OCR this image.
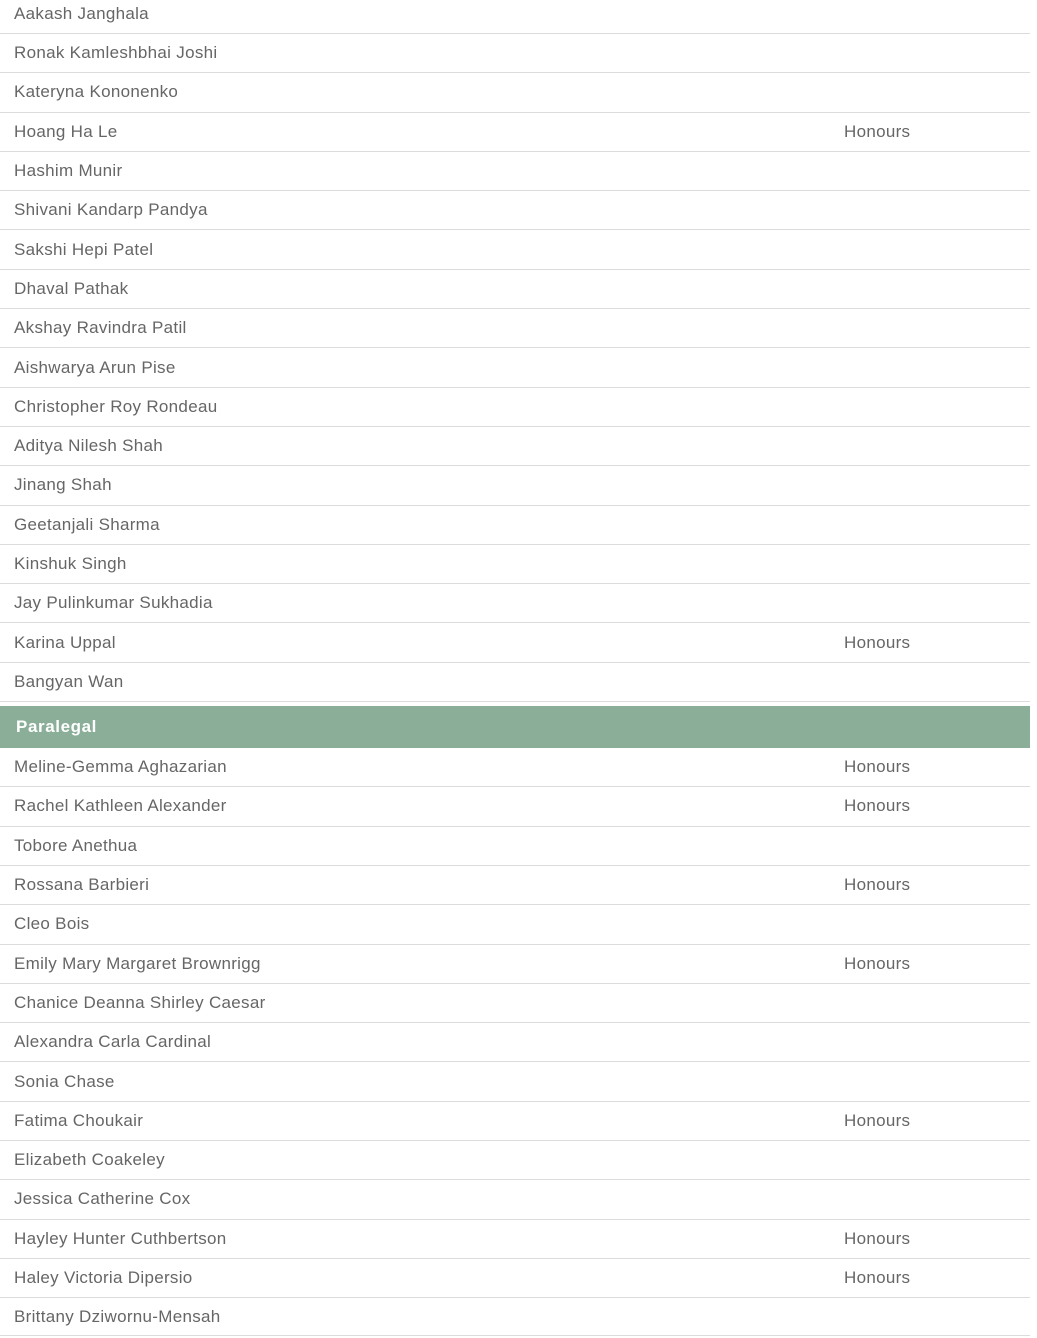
Aakash Janghala
Ronak Kamleshbhai Joshi
Kateryna Kononenko
Hoang Ha Le	Honours
Hashim Munir
Shivani Kandarp Pandya
Sakshi Hepi Patel
Dhaval Pathak
Akshay Ravindra Patil
Aishwarya Arun Pise
Christopher Roy Rondeau
Aditya Nilesh Shah
Jinang Shah
Geetanjali Sharma
Kinshuk Singh
Jay Pulinkumar Sukhadia
Karina Uppal	Honours
Bangyan Wan
Paralegal
Meline-Gemma Aghazarian	Honours
Rachel Kathleen Alexander	Honours
Tobore Anethua
Rossana Barbieri	Honours
Cleo Bois
Emily Mary Margaret Brownrigg	Honours
Chanice Deanna Shirley Caesar
Alexandra Carla Cardinal
Sonia Chase
Fatima Choukair	Honours
Elizabeth Coakeley
Jessica Catherine Cox
Hayley Hunter Cuthbertson	Honours
Haley Victoria Dipersio	Honours
Brittany Dziwornu-Mensah
